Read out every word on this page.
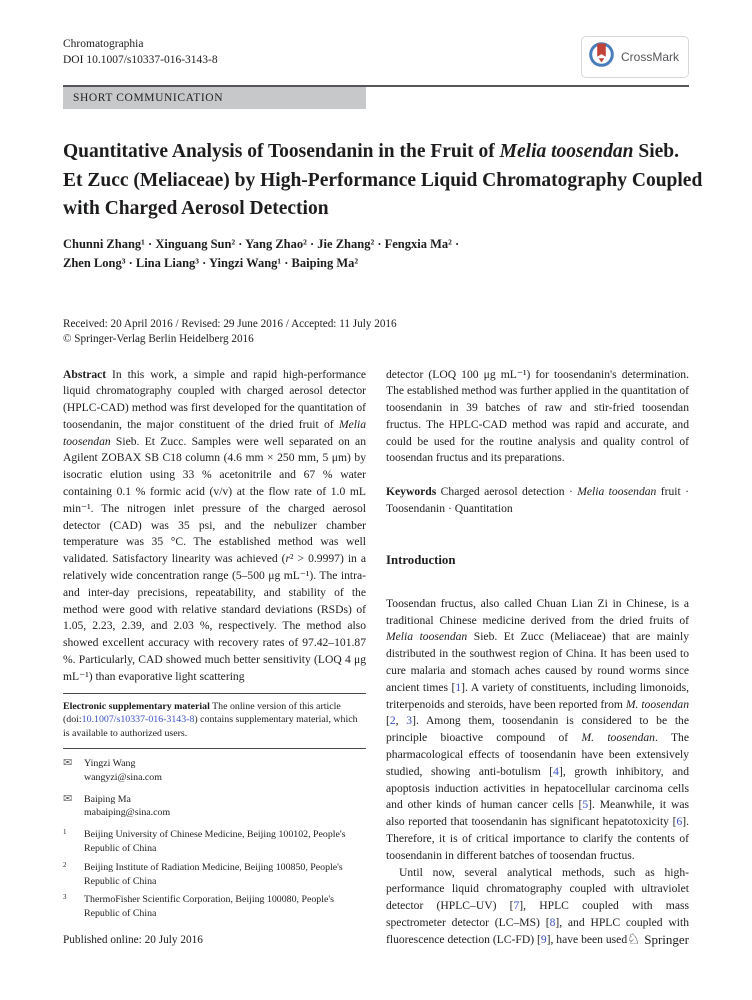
Chromatographia
DOI 10.1007/s10337-016-3143-8	CrossMark
SHORT COMMUNICATION
Quantitative Analysis of Toosendanin in the Fruit of Melia toosendan Sieb. Et Zucc (Meliaceae) by High-Performance Liquid Chromatography Coupled with Charged Aerosol Detection
Chunni Zhang¹ · Xinguang Sun² · Yang Zhao² · Jie Zhang² · Fengxia Ma² ·
Zhen Long³ · Lina Liang³ · Yingzi Wang¹ · Baiping Ma²
Received: 20 April 2016 / Revised: 29 June 2016 / Accepted: 11 July 2016
© Springer-Verlag Berlin Heidelberg 2016

Abstract In this work, a simple and rapid high-performance liquid chromatography coupled with charged aerosol detector (HPLC-CAD) method was first developed for the quantitation of toosendanin, the major constituent of the dried fruit of Melia toosendan Sieb. Et Zucc. Samples were well separated on an Agilent ZOBAX SB C18 column (4.6 mm × 250 mm, 5 μm) by isocratic elution using 33 % acetonitrile and 67 % water containing 0.1 % formic acid (v/v) at the flow rate of 1.0 mL min⁻¹. The nitrogen inlet pressure of the charged aerosol detector (CAD) was 35 psi, and the nebulizer chamber temperature was 35 °C. The established method was well validated. Satisfactory linearity was achieved (r² > 0.9997) in a relatively wide concentration range (5–500 μg mL⁻¹). The intra- and inter-day precisions, repeatability, and stability of the method were good with relative standard deviations (RSDs) of 1.05, 2.23, 2.39, and 2.03 %, respectively. The method also showed excellent accuracy with recovery rates of 97.42–101.87 %. Particularly, CAD showed much better sensitivity (LOQ 4 μg mL⁻¹) than evaporative light scattering

Electronic supplementary material The online version of this article (doi:10.1007/s10337-016-3143-8) contains supplementary material, which is available to authorized users.

✉	Yingzi Wang
wangyzi@sina.com
✉	Baiping Ma
mabaiping@sina.com
1	Beijing University of Chinese Medicine, Beijing 100102, People's Republic of China
2	Beijing Institute of Radiation Medicine, Beijing 100850, People's Republic of China
3	ThermoFisher Scientific Corporation, Beijing 100080, People's Republic of China

detector (LOQ 100 μg mL⁻¹) for toosendanin's determination. The established method was further applied in the quantitation of toosendanin in 39 batches of raw and stir-fried toosendan fructus. The HPLC-CAD method was rapid and accurate, and could be used for the routine analysis and quality control of toosendan fructus and its preparations.

Keywords Charged aerosol detection · Melia toosendan fruit · Toosendanin · Quantitation

Introduction

Toosendan fructus, also called Chuan Lian Zi in Chinese, is a traditional Chinese medicine derived from the dried fruits of Melia toosendan Sieb. Et Zucc (Meliaceae) that are mainly distributed in the southwest region of China. It has been used to cure malaria and stomach aches caused by round worms since ancient times [1]. A variety of constituents, including limonoids, triterpenoids and steroids, have been reported from M. toosendan [2, 3]. Among them, toosendanin is considered to be the principle bioactive compound of M. toosendan. The pharmacological effects of toosendanin have been extensively studied, showing anti-botulism [4], growth inhibitory, and apoptosis induction activities in hepatocellular carcinoma cells and other kinds of human cancer cells [5]. Meanwhile, it was also reported that toosendanin has significant hepatotoxicity [6]. Therefore, it is of critical importance to clarify the contents of toosendanin in different batches of toosendan fructus.

Until now, several analytical methods, such as high-performance liquid chromatography coupled with ultraviolet detector (HPLC–UV) [7], HPLC coupled with mass spectrometer detector (LC–MS) [8], and HPLC coupled with fluorescence detection (LC-FD) [9], have been used

Published online: 20 July 2016	♘ Springer
